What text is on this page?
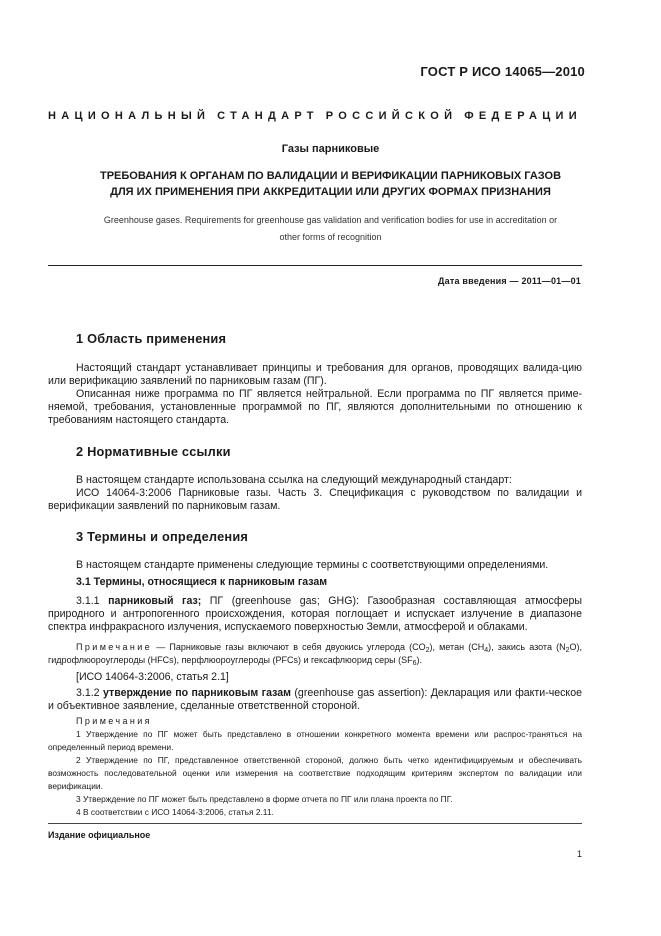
ГОСТ Р ИСО 14065—2010
НАЦИОНАЛЬНЫЙ СТАНДАРТ РОССИЙСКОЙ ФЕДЕРАЦИИ
Газы парниковые
ТРЕБОВАНИЯ К ОРГАНАМ ПО ВАЛИДАЦИИ И ВЕРИФИКАЦИИ ПАРНИКОВЫХ ГАЗОВ
ДЛЯ ИХ ПРИМЕНЕНИЯ ПРИ АККРЕДИТАЦИИ ИЛИ ДРУГИХ ФОРМАХ ПРИЗНАНИЯ
Greenhouse gases. Requirements for greenhouse gas validation and verification bodies for use in accreditation or
other forms of recognition
Дата введения — 2011—01—01
1 Область применения

Настоящий стандарт устанавливает принципы и требования для органов, проводящих валида-цию или верификацию заявлений по парниковым газам (ПГ).

Описанная ниже программа по ПГ является нейтральной. Если программа по ПГ является приме-няемой, требования, установленные программой по ПГ, являются дополнительными по отношению к требованиям настоящего стандарта.

2 Нормативные ссылки

В настоящем стандарте использована ссылка на следующий международный стандарт:

ИСО 14064-3:2006 Парниковые газы. Часть 3. Спецификация с руководством по валидации и верификации заявлений по парниковым газам.

3 Термины и определения

В настоящем стандарте применены следующие термины с соответствующими определениями.

3.1 Термины, относящиеся к парниковым газам

3.1.1 парниковый газ; ПГ (greenhouse gas; GHG): Газообразная составляющая атмосферы природного и антропогенного происхождения, которая поглощает и испускает излучение в диапазоне спектра инфракрасного излучения, испускаемого поверхностью Земли, атмосферой и облаками.

Примечание — Парниковые газы включают в себя двуокись углерода $(CO_2)$, метан $(CH_4)$, закись азота $(N_2O)$, гидрофлюороуглероды (HFCs), перфлюороуглероды (PFCs) и гексафлюорид серы $(SF_6)$.

[ИСО 14064-3:2006, статья 2.1]

3.1.2 утверждение по парниковым газам (greenhouse gas assertion): Декларация или факти-ческое и объективное заявление, сделанные ответственной стороной.

Примечания

1 Утверждение по ПГ может быть представлено в отношении конкретного момента времени или распрос-траняться на определенный период времени.

2 Утверждение по ПГ, представленное ответственной стороной, должно быть четко идентифицируемым и обеспечивать возможность последовательной оценки или измерения на соответствие подходящим критериям экспертом по валидации или верификации.

3 Утверждение по ПГ может быть представлено в форме отчета по ПГ или плана проекта по ПГ.

4 В соответствии с ИСО 14064-3:2006, статья 2.11.

Издание официальное
1
